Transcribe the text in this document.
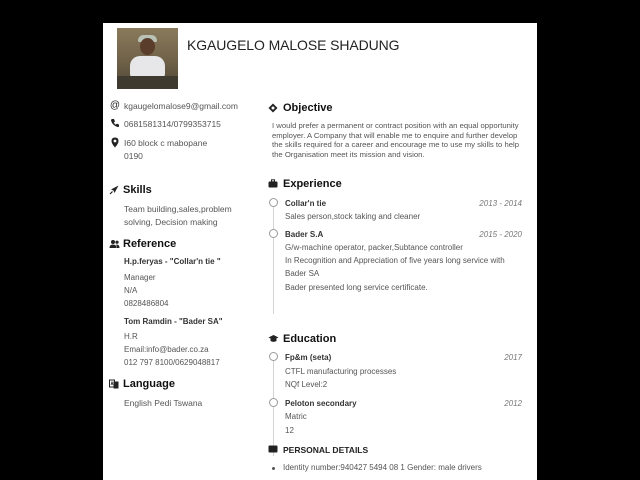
KGAUGELO MALOSE SHADUNG
@ kgaugelomalose9@gmail.com
0681581314/0799353715
I60 block c mabopane
0190
Skills
Team building,sales,problem
solving, Decision making
Reference
H.p.feryas - "Collar'n tie "
Manager
N/A
0828486804
Tom Ramdin - "Bader SA"
H.R
Email:info@bader.co.za
012 797 8100/0629048817
Language
English Pedi Tswana
Objective
I would prefer a permanent or contract position with an equal opportunity employer. A Company that will enable me to enquire and further develop the skills required for a career and encourage me to use my skills to help the Organisation meet its mission and vision.
Experience
Collar'n tie	2013 - 2014
Sales person,stock taking and cleaner
Bader S.A	2015 - 2020
G/w-machine operator, packer,Subtance controller
In Recognition and Appreciation of five years long service with
Bader SA
Bader presented long service certificate.
Education
Fp&m (seta)	2017
CTFL manufacturing processes
NQf Level:2
Peloton secondary	2012
Matric
12
PERSONAL DETAILS
Identity number:940427 5494 08 1 Gender: male drivers
